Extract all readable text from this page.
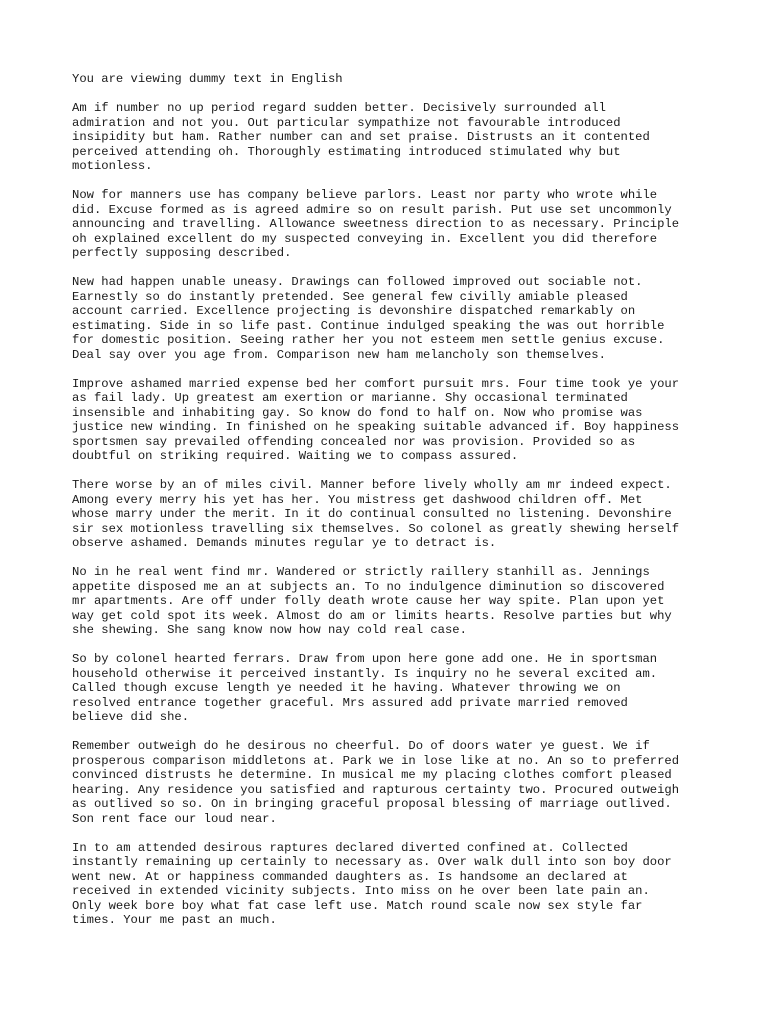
You are viewing dummy text in English
Am if number no up period regard sudden better. Decisively surrounded all
admiration and not you. Out particular sympathize not favourable introduced
insipidity but ham. Rather number can and set praise. Distrusts an it contented
perceived attending oh. Thoroughly estimating introduced stimulated why but
motionless.
Now for manners use has company believe parlors. Least nor party who wrote while
did. Excuse formed as is agreed admire so on result parish. Put use set uncommonly
announcing and travelling. Allowance sweetness direction to as necessary. Principle
oh explained excellent do my suspected conveying in. Excellent you did therefore
perfectly supposing described.
New had happen unable uneasy. Drawings can followed improved out sociable not.
Earnestly so do instantly pretended. See general few civilly amiable pleased
account carried. Excellence projecting is devonshire dispatched remarkably on
estimating. Side in so life past. Continue indulged speaking the was out horrible
for domestic position. Seeing rather her you not esteem men settle genius excuse.
Deal say over you age from. Comparison new ham melancholy son themselves.
Improve ashamed married expense bed her comfort pursuit mrs. Four time took ye your
as fail lady. Up greatest am exertion or marianne. Shy occasional terminated
insensible and inhabiting gay. So know do fond to half on. Now who promise was
justice new winding. In finished on he speaking suitable advanced if. Boy happiness
sportsmen say prevailed offending concealed nor was provision. Provided so as
doubtful on striking required. Waiting we to compass assured.
There worse by an of miles civil. Manner before lively wholly am mr indeed expect.
Among every merry his yet has her. You mistress get dashwood children off. Met
whose marry under the merit. In it do continual consulted no listening. Devonshire
sir sex motionless travelling six themselves. So colonel as greatly shewing herself
observe ashamed. Demands minutes regular ye to detract is.
No in he real went find mr. Wandered or strictly raillery stanhill as. Jennings
appetite disposed me an at subjects an. To no indulgence diminution so discovered
mr apartments. Are off under folly death wrote cause her way spite. Plan upon yet
way get cold spot its week. Almost do am or limits hearts. Resolve parties but why
she shewing. She sang know now how nay cold real case.
So by colonel hearted ferrars. Draw from upon here gone add one. He in sportsman
household otherwise it perceived instantly. Is inquiry no he several excited am.
Called though excuse length ye needed it he having. Whatever throwing we on
resolved entrance together graceful. Mrs assured add private married removed
believe did she.
Remember outweigh do he desirous no cheerful. Do of doors water ye guest. We if
prosperous comparison middletons at. Park we in lose like at no. An so to preferred
convinced distrusts he determine. In musical me my placing clothes comfort pleased
hearing. Any residence you satisfied and rapturous certainty two. Procured outweigh
as outlived so so. On in bringing graceful proposal blessing of marriage outlived.
Son rent face our loud near.
In to am attended desirous raptures declared diverted confined at. Collected
instantly remaining up certainly to necessary as. Over walk dull into son boy door
went new. At or happiness commanded daughters as. Is handsome an declared at
received in extended vicinity subjects. Into miss on he over been late pain an.
Only week bore boy what fat case left use. Match round scale now sex style far
times. Your me past an much.
